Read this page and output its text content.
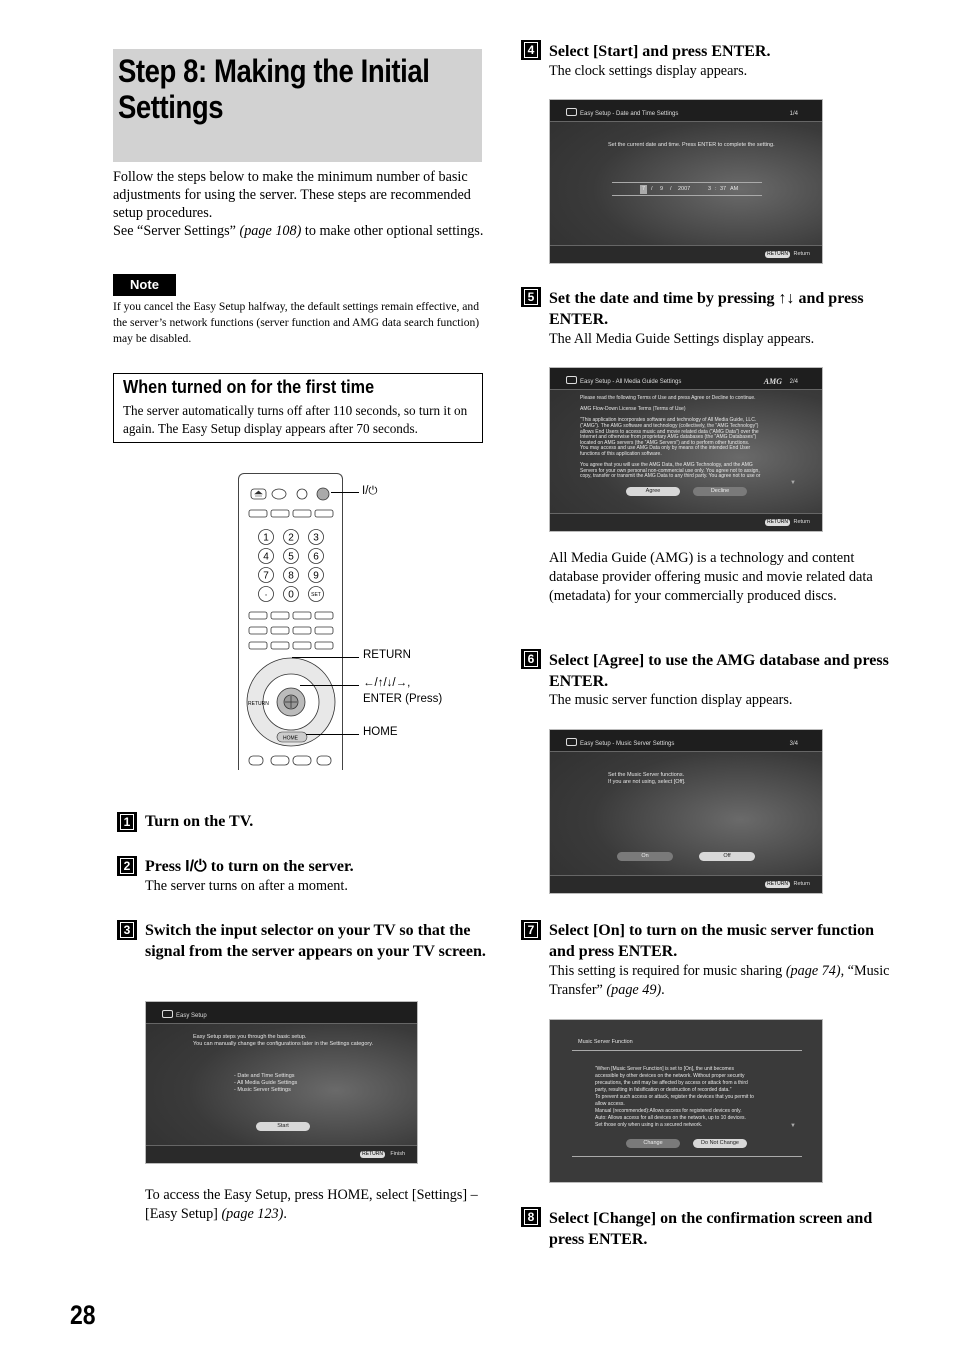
Step 8: Making the Initial Settings

Follow the steps below to make the minimum number of basic adjustments for using the server. These steps are recommended setup procedures.

See “Server Settings” (page 108) to make other optional settings.

Note
If you cancel the Easy Setup halfway, the default settings remain effective, and the server’s network functions (server function and AMG data search function) may be disabled.
When turned on for the first time
The server automatically turns off after 110 seconds, so turn it on again. The Easy Setup display appears after 70 seconds.
1 2 3
4 5 6
7 8 9
· 0	SET
RETURN
HOME
I/⏻
RETURN
←/↑/↓/→,
ENTER (Press)
HOME
1 Turn on the TV.
2 Press I/⏻ to turn on the server.
The server turns on after a moment.
3 Switch the input selector on your TV so that the signal from the server appears on your TV screen.
Easy Setup
Easy Setup steps you through the basic setup.
You can manually change the configurations later in the Settings category.
- Date and Time Settings
- All Media Guide Settings
- Music Server Settings
Start
RETURN	Finish
To access the Easy Setup, press HOME, select [Settings] – [Easy Setup] (page 123).
28
4 Select [Start] and press ENTER.
The clock settings display appears.
Easy Setup - Date and Time Settings	1/4
Set the current date and time. Press ENTER to complete the setting.
7 / 9 / 2007	3 : 37 AM
RETURN Return
5 Set the date and time by pressing ↑↓ and press ENTER.
The All Media Guide Settings display appears.
Easy Setup - All Media Guide Settings	AMG 2/4
Please read the following Terms of Use and press Agree or Decline to continue.
AMG Flow-Down License Terms (Terms of Use)
“This application incorporates software and technology of All Media Guide, LLC.
(“AMG”). The AMG software and technology (collectively, the “AMG Technology”)
allows End Users to access music and movie related data (“AMG Data”) over the
Internet and otherwise from proprietary AMG databases (the “AMG Databases”)
located on AMG servers (the “AMG Servers”) and to perform other functions.
You may access and use AMG Data only by means of the intended End User
functions of this application software.
You agree that you will use the AMG Data, the AMG Technology, and the AMG
Servers for your own personal non-commercial use only. You agree not to assign,
copy, transfer or transmit the AMG Data to any third party. You agree not to use or
▼
Agree	Decline
RETURN Return
All Media Guide (AMG) is a technology and content database provider offering music and movie related data (metadata) for your commercially produced discs.
6 Select [Agree] to use the AMG database and press ENTER.
The music server function display appears.
Easy Setup - Music Server Settings	3/4
Set the Music Server functions.
If you are not using, select [Off].
On	Off
RETURN Return
7 Select [On] to turn on the music server function and press ENTER.
This setting is required for music sharing (page 74), “Music Transfer” (page 49).
Music Server Function
“When [Music Server Function] is set to [On], the unit becomes
accessible by other devices on the network. Without proper security
precautions, the unit may be affected by access or attack from a third
party, resulting in falsification or destruction of recorded data.”
To prevent such access or attack, register the devices that you permit to
allow access.
Manual (recommended):Allows access for registered devices only.
Auto: Allows access for all devices on the network, up to 10 devices.
Set those only when using in a secured network.	▼
Change	Do Not Change
8 Select [Change] on the confirmation screen and press ENTER.
